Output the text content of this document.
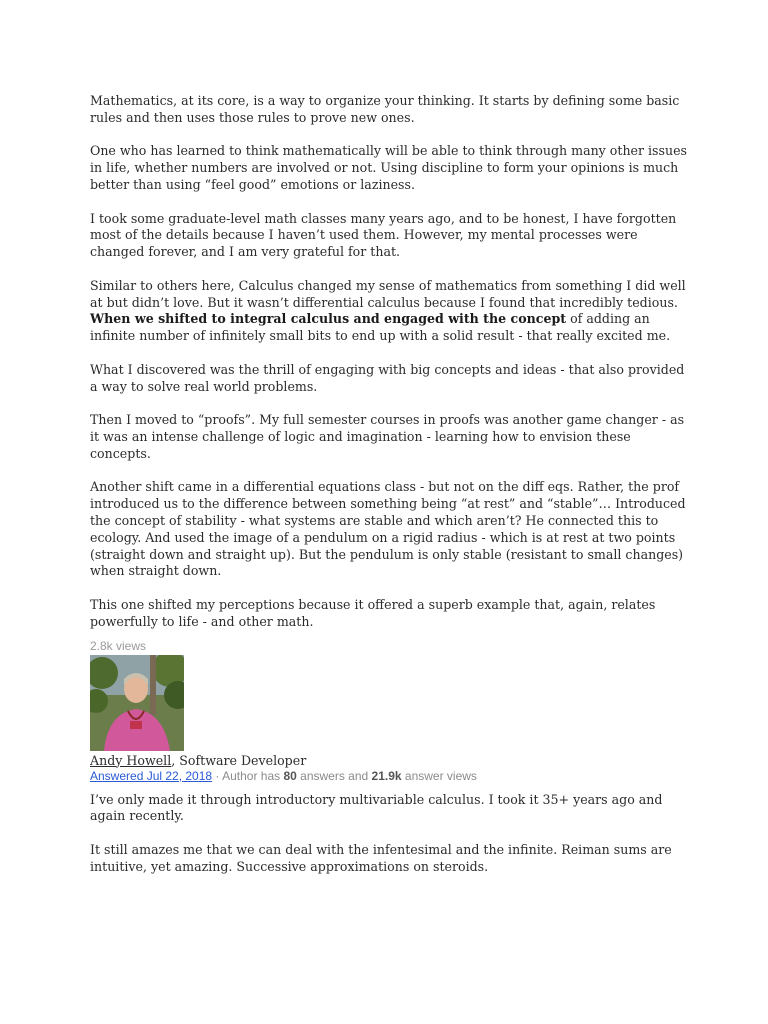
Mathematics, at its core, is a way to organize your thinking. It starts by defining some basic rules and then uses those rules to prove new ones.

One who has learned to think mathematically will be able to think through many other issues in life, whether numbers are involved or not. Using discipline to form your opinions is much better than using “feel good” emotions or laziness.

I took some graduate-level math classes many years ago, and to be honest, I have forgotten most of the details because I haven’t used them. However, my mental processes were changed forever, and I am very grateful for that.

Similar to others here, Calculus changed my sense of mathematics from something I did well at but didn’t love. But it wasn’t differential calculus because I found that incredibly tedious. When we shifted to integral calculus and engaged with the concept of adding an infinite number of infinitely small bits to end up with a solid result - that really excited me.

What I discovered was the thrill of engaging with big concepts and ideas - that also provided a way to solve real world problems.

Then I moved to “proofs”. My full semester courses in proofs was another game changer - as it was an intense challenge of logic and imagination - learning how to envision these concepts.

Another shift came in a differential equations class - but not on the diff eqs. Rather, the prof introduced us to the difference between something being “at rest” and “stable”… Introduced the concept of stability - what systems are stable and which aren’t? He connected this to ecology. And used the image of a pendulum on a rigid radius - which is at rest at two points (straight down and straight up). But the pendulum is only stable (resistant to small changes) when straight down.

This one shifted my perceptions because it offered a superb example that, again, relates powerfully to life - and other math.

2.8k views
Andy Howell, Software Developer
Answered Jul 22, 2018 · Author has 80 answers and 21.9k answer views

I’ve only made it through introductory multivariable calculus. I took it 35+ years ago and again recently.

It still amazes me that we can deal with the infentesimal and the infinite. Reiman sums are intuitive, yet amazing. Successive approximations on steroids.
